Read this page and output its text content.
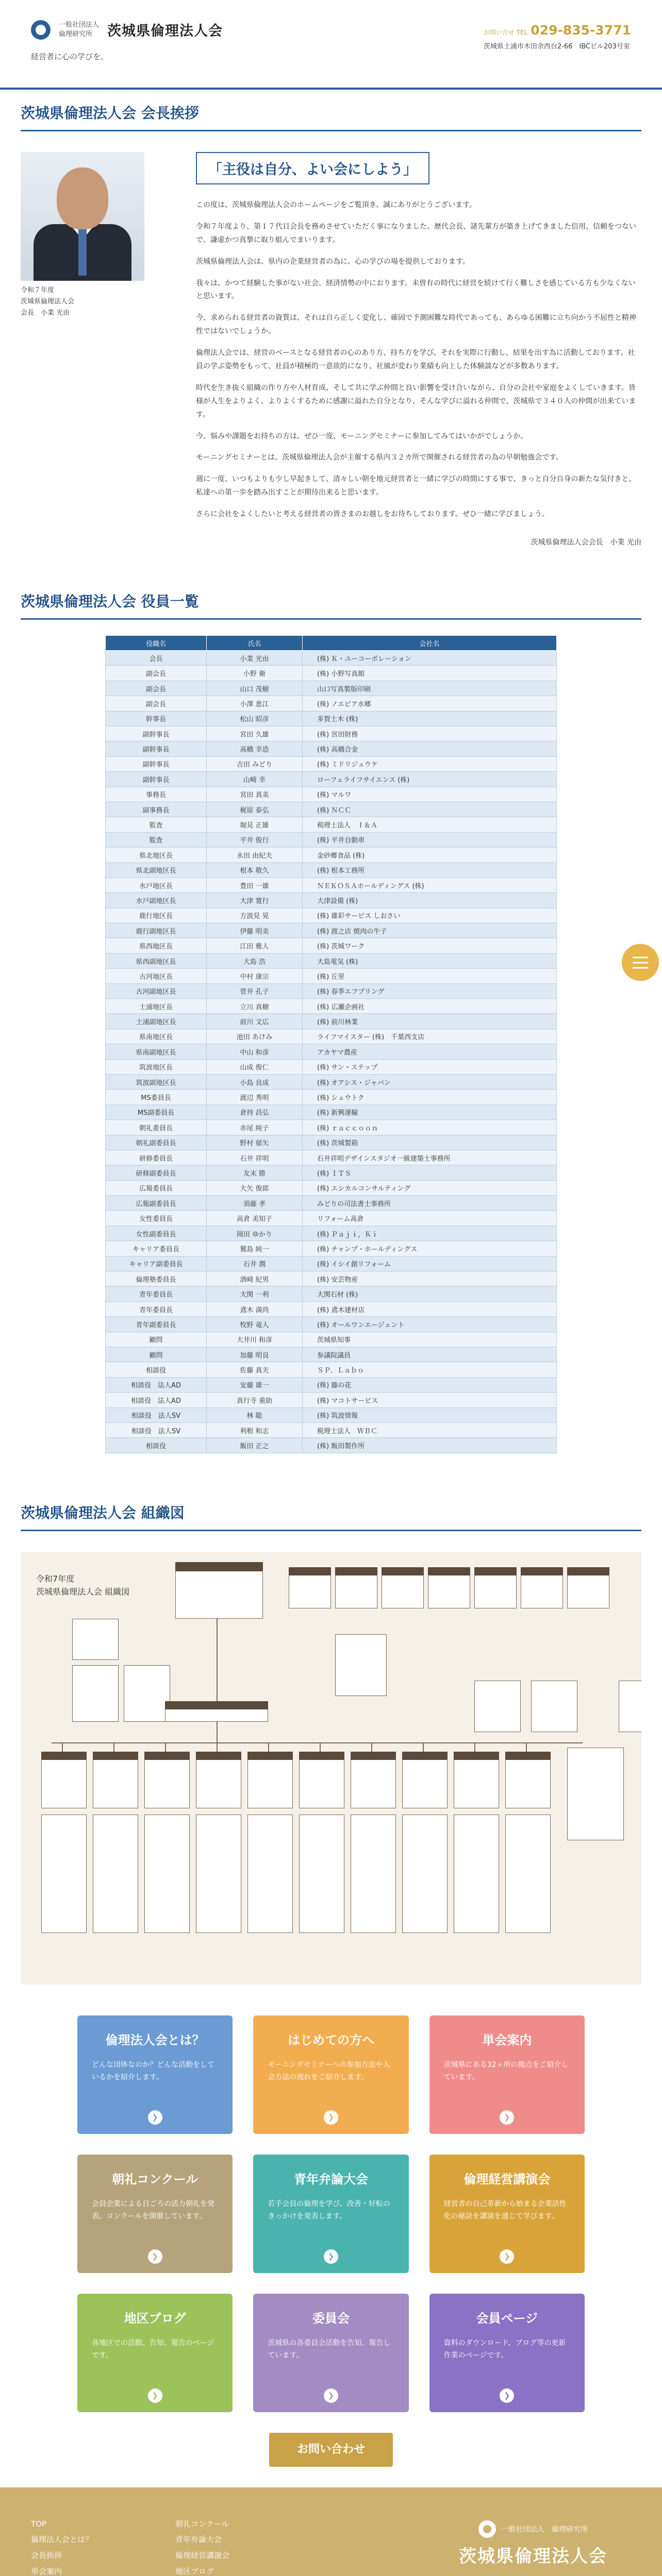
一般社団法人
倫理研究所	茨城県倫理法人会
経営者に心の学びを。
お問い合せ TEL 029-835-3771
茨城県土浦市木田余西台2-66　IBCビル203号室
茨城県倫理法人会 会長挨拶
令和７年度
茨城県倫理法人会
会長　小業 光由
「主役は自分、よい会にしよう」

この度は、茨城県倫理法人会のホームページをご覧頂き、誠にありがとうございます。

令和７年度より、第１７代目会長を務めさせていただく事になりました。歴代会長、諸先輩方が築き上げてきました信用、信頼をつないで、謙虚かつ真摯に取り組んでまいります。

茨城県倫理法人会は、県内の企業経営者の為に、心の学びの場を提供しております。

我々は、かつて経験した事がない社会、経済情勢の中におります。未曽有の時代に経営を続けて行く難しさを感じている方も少なくないと思います。

今、求められる経営者の資質は、それは自ら正しく変化し、確固で予測困難な時代であっても、あらゆる困難に立ち向かう不屈性と精神性ではないでしょうか。

倫理法人会では、経営のベースとなる経営者の心のあり方、持ち方を学び、それを実際に行動し、結果を出す為に活動しております。社員の学ぶ姿勢をもって、社員が積極的一意欲的になり、社風が変わり業績も向上した体験談などが多数あります。

時代を生き抜く組織の作り方や人材育成、そして共に学ぶ仲間と良い影響を受け合いながら、自分の会社や家庭をよくしていきます。皆様が人生をよりよく、よりよくするために感謝に溢れた自分となり、そんな学びに溢れる仲間で、茨城県で３４０人の仲間が出来ています。

今、悩みや課題をお持ちの方は、ぜひ一度、モーニングセミナーに参加してみてはいかがでしょうか。

モーニングセミナーとは、茨城県倫理法人会が主催する県内３２カ所で開催される経営者の為の早朝勉強会です。

週に一度、いつもよりも少し早起きして、清々しい朝を地元経営者と一緒に学びの時間にする事で、きっと自分自身の新たな気付きと、私達への第一歩を踏み出すことが期待出来ると思います。

さらに会社をよくしたいと考える経営者の皆さまのお越しをお待ちしております。ぜひ一緒に学びましょう。

茨城県倫理法人会会長　小業 光由
茨城県倫理法人会 役員一覧
役職名	氏名	会社名
会長	小業 光由	(株) Ｋ・ユーコーポレーション
副会長	小野 衛	(株) 小野写真館
副会長	山口 茂樹	山口写真製版印刷
副会長	小澤 恵江	(株) ノエビア水郷
幹事長	松山 昭彦	多賀土木 (株)
副幹事長	宮田 久雄	(株) 宮田財務
副幹事長	高橋 幸造	(株) 高橋合金
副幹事長	吉田 みどり	(株) ミドリジュウケ
副幹事長	山崎 幸	ローフェライフサイエンス (株)
事務長	宮田 真美	(株) マルワ
副事務長	梶原 泰弘	(株) ＮＣＣ
監査	堀見 正雄	税理士法人　Ｉ＆Ａ
監査	平井 俊行	(株) 平井自動車
県北地区長	永田 由紀夫	金砂郷食品 (株)
県北副地区長	根本 敬久	(株) 根本工務所
水戸地区長	豊田 一雄	ＮＥＫＯＳＡホールディングス (株)
水戸副地区長	大津 寛行	大津設備 (株)
鹿行地区長	方波見 晃	(株) 雄彩サービス しおさい
鹿行副地区長	伊藤 明美	(株) 渡之店 焼肉の牛子
県西地区長	江田 雅人	(株) 茨城ワーク
県西副地区長	大島 浩	大島電気 (株)
古河地区長	中村 康宗	(株) 丘里
古河副地区長	菅井 孔子	(株) 春季エフプリング
土浦地区長	立川 真樹	(株) 広瀬企画社
土浦副地区長	前川 文広	(株) 前川林業
県南地区長	池田 あけみ	ライフマイスター (株)　千葉西支店
県南副地区長	中山 和彦	アカヤマ農産
筑波地区長	山成 俊仁	(株) サン・ステップ
筑波副地区長	小島 良成	(株) オアシス・ジャパン
MS委員長	渡辺 秀明	(株) シュウトク
MS副委員長	倉持 昌弘	(株) 新興運輸
朝礼委員長	赤尾 純子	(株) ｒａｃｃｏｏｎ
朝礼副委員長	野村 郁矢	(株) 茨城製箱
研修委員長	石井 祥明	石井祥明デザインスタジオ一級建築士事務所
研修副委員長	友末 勝	(株) ＩＴＳ
広報委員長	大矢 俊郎	(株) エシカルコンサルティング
広報副委員長	須藤 孝	みどりの司法書士事務所
女性委員長	高倉 美知子	リフォーム高倉
女性副委員長	岡田 ゆかり	(株) Ｐａｊｉ，Ｋｉ
キャリア委員長	鷲島 純一	(株) チャンプ・ホールディングス
キャリア副委員長	石井 潤	(株) イシイ創リフォーム
倫理塾委員長	酒崎 紀男	(株) 安芸物産
青年委員長	大関 一利	大関石材 (株)
青年委員長	鳶木 満尚	(株) 鳶木建材店
青年副委員長	牧野 竜人	(株) オールワンエージェント
顧問	大井川 和彦	茨城県知事
顧問	加藤 明良	参議院議員
相談役	佐藤 真夫	ＳＰ．Ｌａｂｏ
相談役　法人AD	安藤 雄一	(株) 藤の花
相談役　法人AD	真行寺 重助	(株) マコトサービス
相談役　法人SV	林 聡	(株) 筑波情報
相談役　法人SV	利根 和志	税理士法人　ＷＢＣ
相談役	飯田 正之	(株) 飯田製作所
茨城県倫理法人会 組織図
令和7年度
茨城県倫理法人会 組織図
倫理法人会とは？

どんな団体なのか？どんな活動をしているかを紹介します。

❯
はじめての方へ

モーニングセミナーへの参加方法や入会方法の流れをご紹介します。

❯
単会案内

茨城県にある32ヶ所の拠点をご紹介しています。

❯
朝礼コンクール

会員企業による日ごろの活力朝礼を発表。コンクールを開催しています。

❯
青年弁論大会

若手会員の倫理を学び、改善・好転のきっかけを発表します。

❯
倫理経営講演会

経営者の自己革新から始まる企業活性化の秘訣を講演を通じて学びます。

❯
地区ブログ

各地区での活動、告知、報告のページです。

❯
委員会

茨城県の各委員会活動を告知、報告しています。

❯
会員ページ

資料のダウンロード、ブログ等の更新作業のページです。

❯
お問い合わせ
TOP
倫理法人会とは？
会長挨拶
単会案内
朝礼コンクール
青年弁論大会
倫理経営講演会
地区ブログ
一般社団法人　倫理研究所
茨城県倫理法人会
